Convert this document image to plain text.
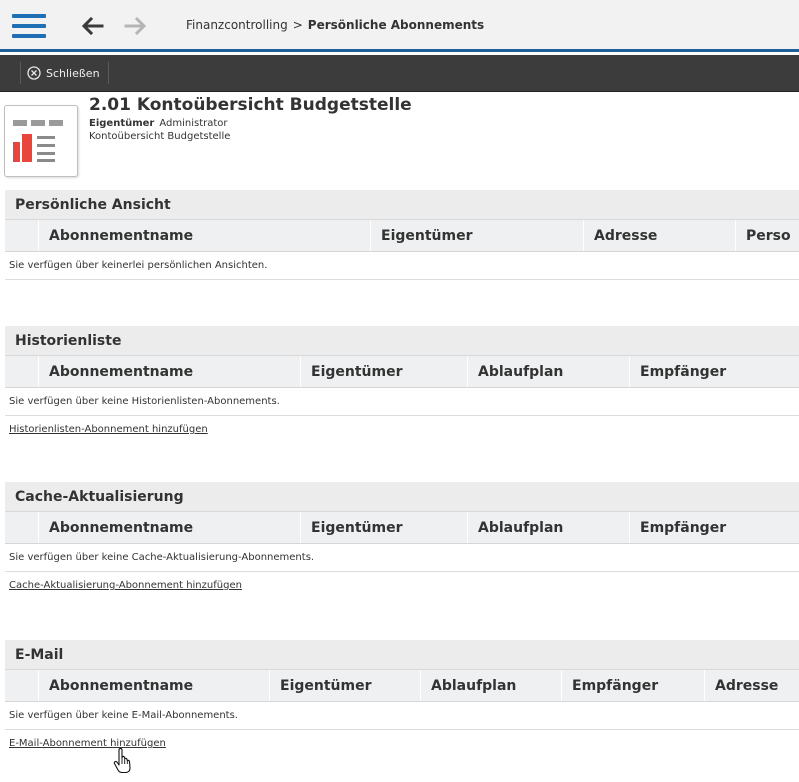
Finanzcontrolling > Persönliche Abonnements
Schließen
2.01 Kontoübersicht Budgetstelle
Eigentümer Administrator
Kontoübersicht Budgetstelle
Persönliche Ansicht
Abonnementname	Eigentümer	Adresse	Perso
Sie verfügen über keinerlei persönlichen Ansichten.
Historienliste
Abonnementname	Eigentümer	Ablaufplan	Empfänger
Sie verfügen über keine Historienlisten-Abonnements.
Historienlisten-Abonnement hinzufügen
Cache-Aktualisierung
Abonnementname	Eigentümer	Ablaufplan	Empfänger
Sie verfügen über keine Cache-Aktualisierung-Abonnements.
Cache-Aktualisierung-Abonnement hinzufügen
E-Mail
Abonnementname	Eigentümer	Ablaufplan	Empfänger	Adresse
Sie verfügen über keine E-Mail-Abonnements.
E-Mail-Abonnement hinzufügen
